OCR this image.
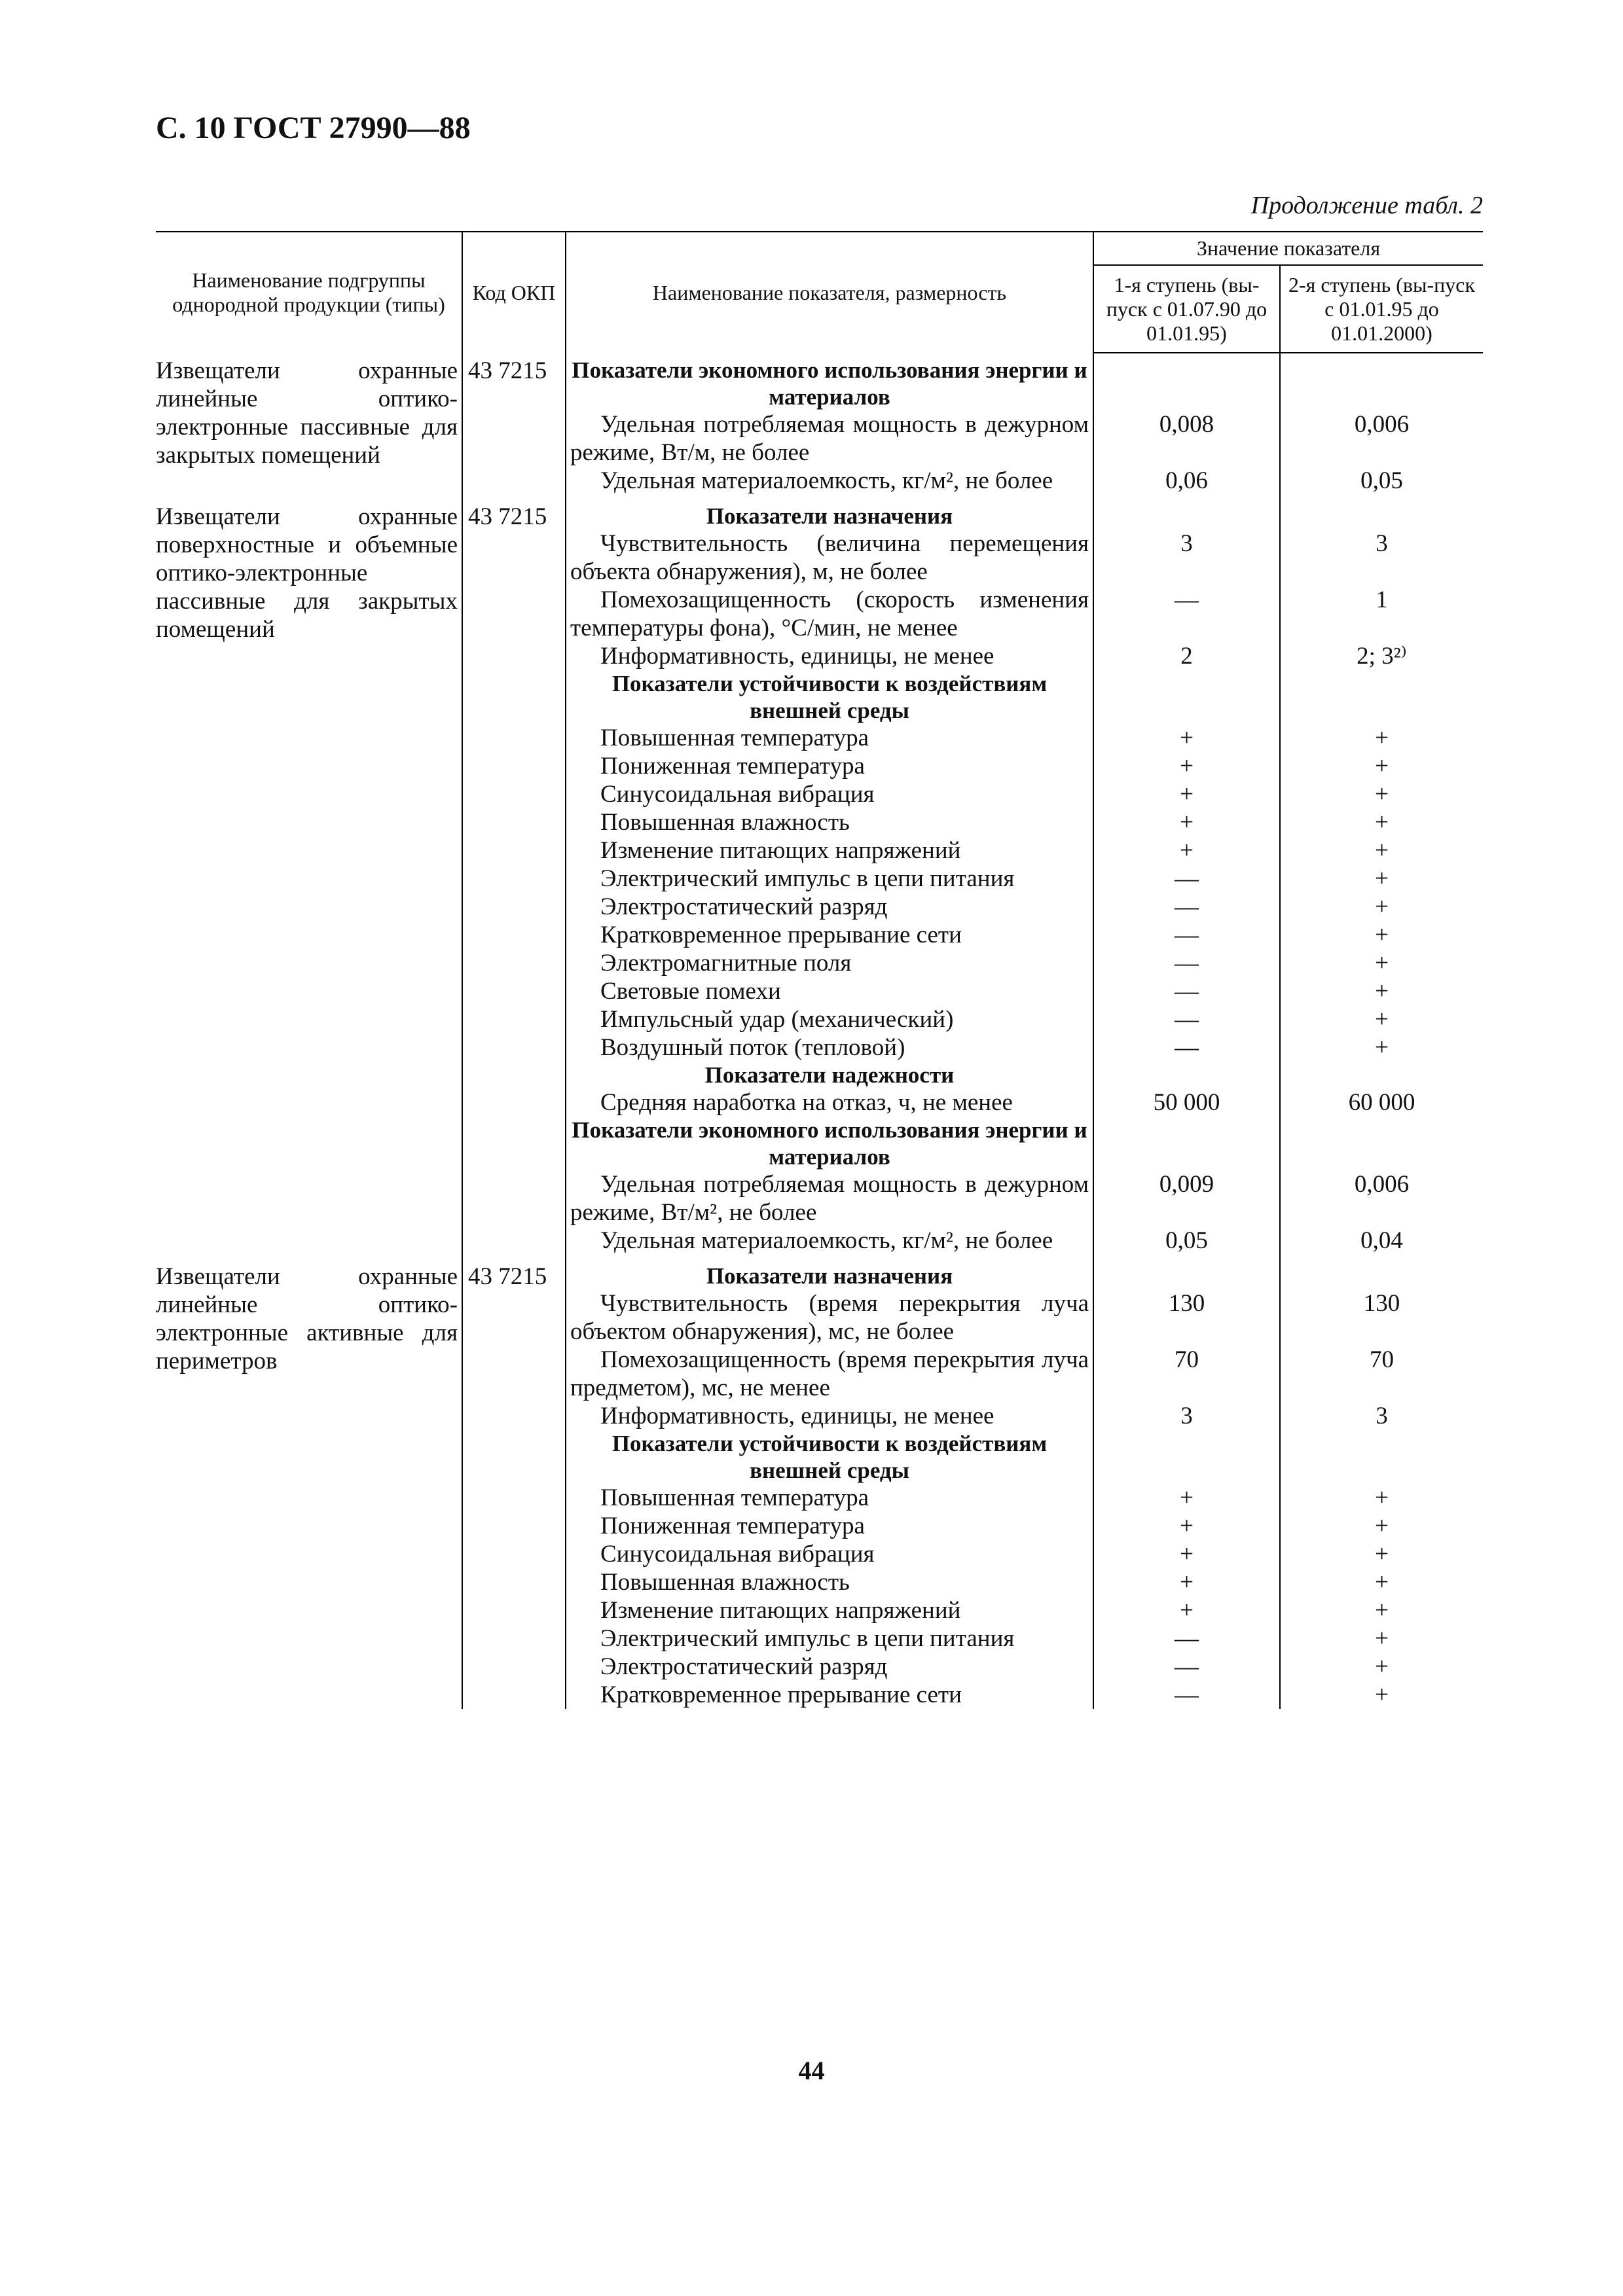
С. 10 ГОСТ 27990—88
Продолжение табл. 2
Наименование подгруппы однородной продукции (типы)	Код ОКП	Наименование показателя, размерность	Значение показателя	
			1-я ступень (вы-пуск с 01.07.90 до 01.01.95)	2-я ступень (вы-пуск с 01.01.95 до 01.01.2000)
Извещатели охранные линейные оптико-электронные пассивные для закрытых помещений	43 7215	Показатели экономного использования энергии и материалов		
		Удельная потребляемая мощность в дежурном режиме, Вт/м, не более	0,008	0,006
		Удельная материалоемкость, кг/м², не более	0,06	0,05
Извещатели охранные поверхностные и объемные оптико-электронные пассивные для закрытых помещений	43 7215	Показатели назначения		
		Чувствительность (величина перемещения объекта обнаружения), м, не более	3	3
		Помехозащищенность (скорость изменения температуры фона), °С/мин, не менее	—	1
		Информативность, единицы, не менее	2	2; 3²⁾
		Показатели устойчивости к воздействиям внешней среды		
		Повышенная температура	+	+
		Пониженная температура	+	+
		Синусоидальная вибрация	+	+
		Повышенная влажность	+	+
		Изменение питающих напряжений	+	+
		Электрический импульс в цепи питания	—	+
		Электростатический разряд	—	+
		Кратковременное прерывание сети	—	+
		Электромагнитные поля	—	+
		Световые помехи	—	+
		Импульсный удар (механический)	—	+
		Воздушный поток (тепловой)	—	+
		Показатели надежности		
		Средняя наработка на отказ, ч, не менее	50 000	60 000
		Показатели экономного использования энергии и материалов		
		Удельная потребляемая мощность в дежурном режиме, Вт/м², не более	0,009	0,006
		Удельная материалоемкость, кг/м², не более	0,05	0,04
Извещатели охранные линейные оптико-электронные активные для периметров	43 7215	Показатели назначения		
		Чувствительность (время перекрытия луча объектом обнаружения), мс, не более	130	130
		Помехозащищенность (время перекрытия луча предметом), мс, не менее	70	70
		Информативность, единицы, не менее	3	3
		Показатели устойчивости к воздействиям внешней среды		
		Повышенная температура	+	+
		Пониженная температура	+	+
		Синусоидальная вибрация	+	+
		Повышенная влажность	+	+
		Изменение питающих напряжений	+	+
		Электрический импульс в цепи питания	—	+
		Электростатический разряд	—	+
		Кратковременное прерывание сети	—	+
44
